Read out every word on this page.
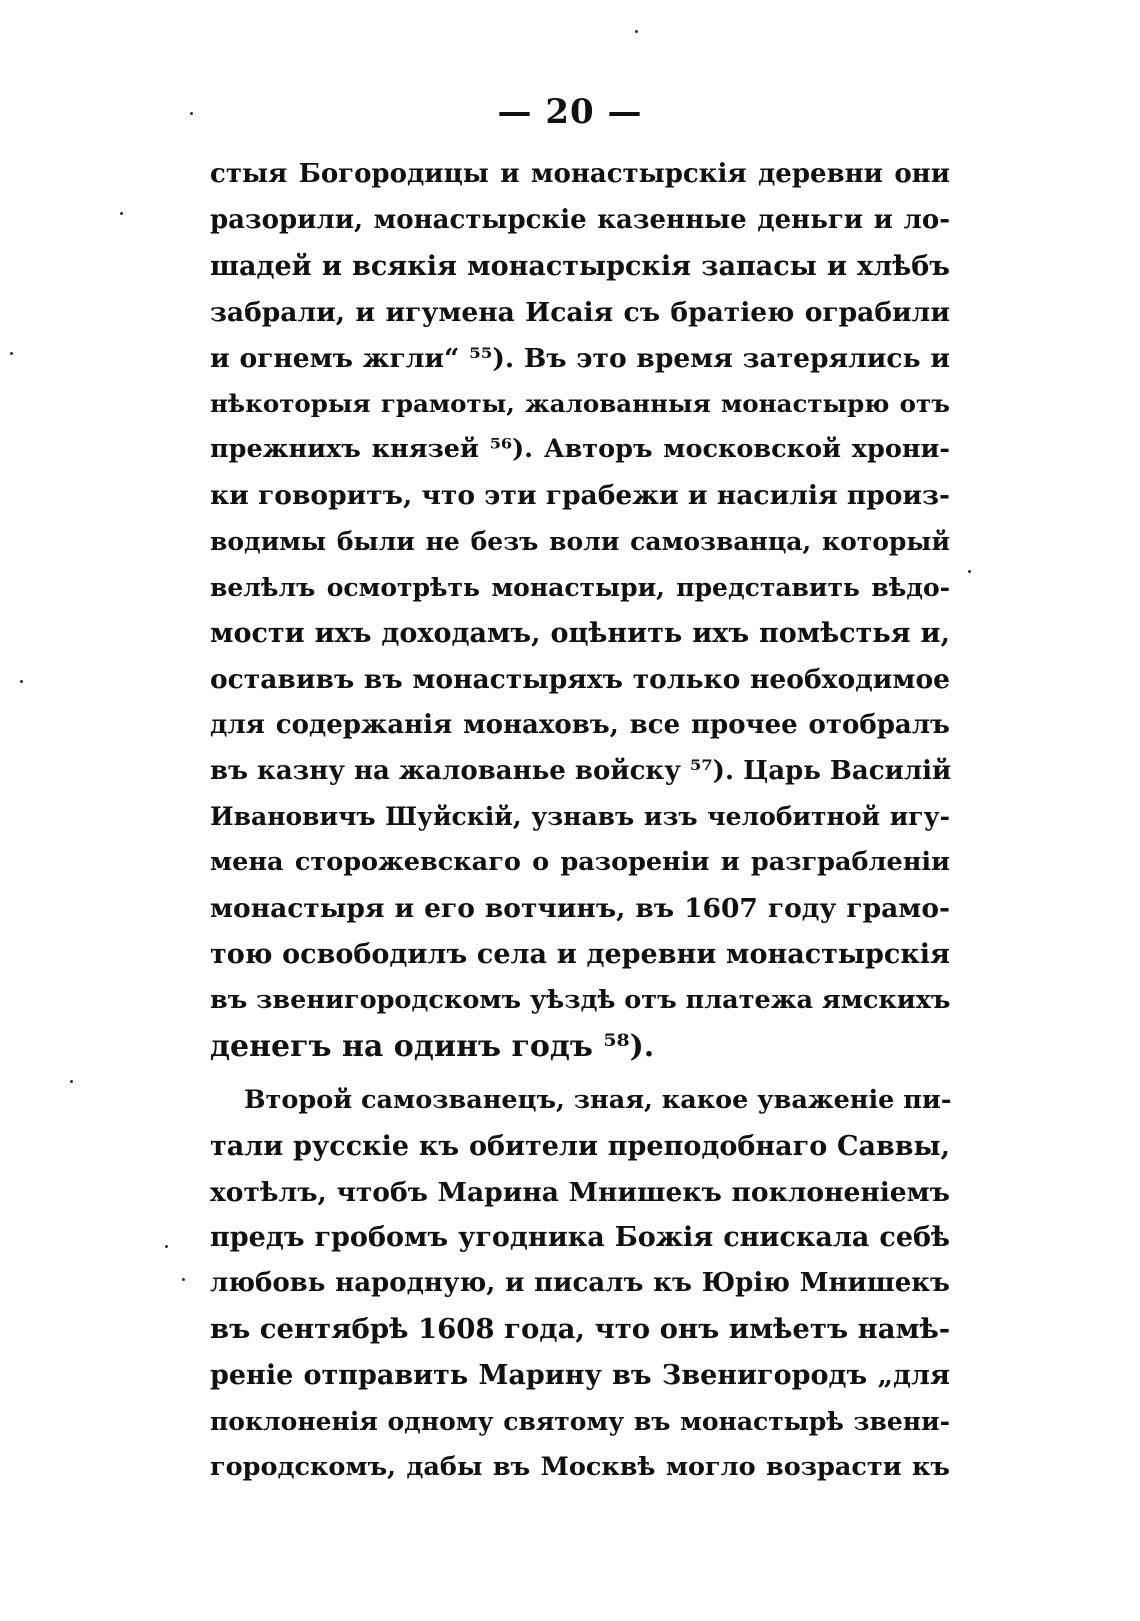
— 20 —
стыя Богородицы и монастырскія деревни они
разорили, монастырскіе казенные деньги и ло-
шадей и всякія монастырскія запасы и хлѣбъ
забрали, и игумена Исаія съ братіею ограбили
и огнемъ жгли“ ⁵⁵). Въ это время затерялись и
нѣкоторыя грамоты, жалованныя монастырю отъ
прежнихъ князей ⁵⁶). Авторъ московской хрони-
ки говоритъ, что эти грабежи и насилія произ-
водимы были не безъ воли самозванца, который
велѣлъ осмотрѣть монастыри, представить вѣдо-
мости ихъ доходамъ, оцѣнить ихъ помѣстья и,
оставивъ въ монастыряхъ только необходимое
для содержанія монаховъ, все прочее отобралъ
въ казну на жалованье войску ⁵⁷). Царь Василій
Ивановичъ Шуйскій, узнавъ изъ челобитной игу-
мена сторожевскаго о разореніи и разграбленіи
монастыря и его вотчинъ, въ 1607 году грамо-
тою освободилъ села и деревни монастырскія
въ звенигородскомъ уѣздѣ отъ платежа ямскихъ
денегъ на одинъ годъ ⁵⁸).
Второй самозванецъ, зная, какое уваженіе пи-
тали русскіе къ обители преподобнаго Саввы,
хотѣлъ, чтобъ Марина Мнишекъ поклоненіемъ
предъ гробомъ угодника Божія снискала себѣ
любовь народную, и писалъ къ Юрію Мнишекъ
въ сентябрѣ 1608 года, что онъ имѣетъ намѣ-
реніе отправить Марину въ Звенигородъ „для
поклоненія одному святому въ монастырѣ звени-
городскомъ, дабы въ Москвѣ могло возрасти къ
